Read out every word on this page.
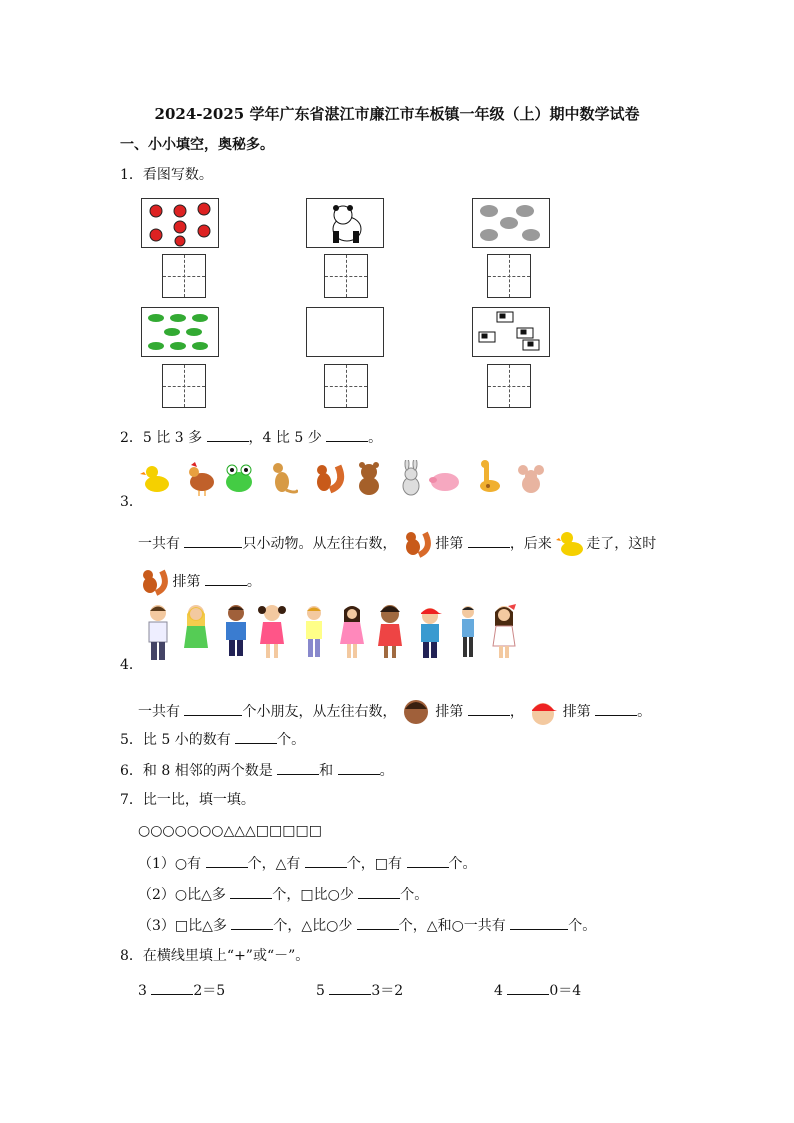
2024-2025 学年广东省湛江市廉江市车板镇一年级（上）期中数学试卷
一、小小填空，奥秘多。
1．看图写数。
2．5 比 3 多	，4 比 5 少	。
3．
一共有	只小动物。从左往右数，	排第	，后来 走了，这时
排第	。
4．
一共有	个小朋友，从左往右数，	排第	，	排第	。
5．比 5 小的数有	个。
6．和 8 相邻的两个数是	和	。
7．比一比，填一填。
○○○○○○○△△△□□□□□
（1）○有	个，△有	个，□有	个。
（2）○比△多	个，□比○少	个。
（3）□比△多	个，△比○少	个，△和○一共有	个。
8．在横线里填上“+”或“－”。
3	2＝5	5	3＝2	4	0＝4
